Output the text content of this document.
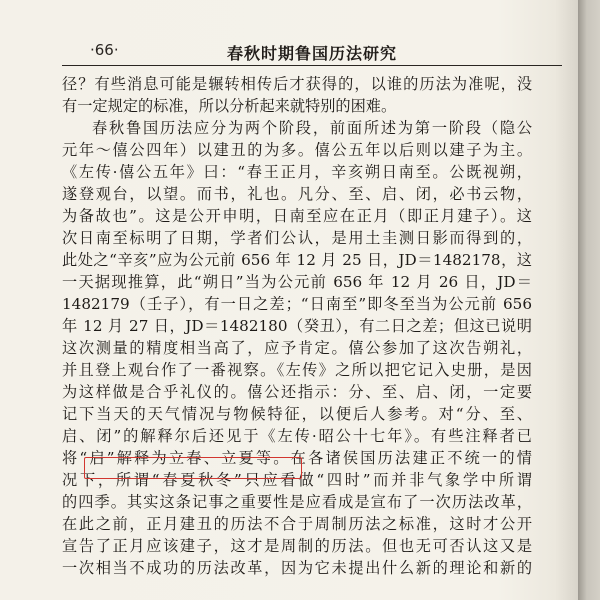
·66·	春秋时期鲁国历法研究
径？有些消息可能是辗转相传后才获得的，以谁的历法为准呢，没
有一定规定的标准，所以分析起来就特别的困难。
春秋鲁国历法应分为两个阶段，前面所述为第一阶段（隐公
元年～僖公四年）以建丑的为多。僖公五年以后则以建子为主。
《左传·僖公五年》曰：“春王正月，辛亥朔日南至。公既视朔，
遂登观台，以望。而书，礼也。凡分、至、启、闭，必书云物，
为备故也”。这是公开申明，日南至应在正月（即正月建子）。这
次日南至标明了日期，学者们公认，是用土圭测日影而得到的，
此处之“辛亥”应为公元前 656 年 12 月 25 日，JD＝1482178，这
一天据现推算，此“朔日”当为公元前 656 年 12 月 26 日，JD＝
1482179（壬子），有一日之差；“日南至”即冬至当为公元前 656
年 12 月 27 日，JD＝1482180（癸丑），有二日之差；但这已说明
这次测量的精度相当高了，应予肯定。僖公参加了这次告朔礼，
并且登上观台作了一番视察。《左传》之所以把它记入史册，是因
为这样做是合乎礼仪的。僖公还指示：分、至、启、闭，一定要
记下当天的天气情况与物候特征，以便后人参考。对“分、至、
启、闭”的解释尔后还见于《左传·昭公十七年》。有些注释者已
将“启”解释为立春、立夏等。在各诸侯国历法建正不统一的情
况下，所谓“春夏秋冬”只应看做“四时”而并非气象学中所谓
的四季。其实这条记事之重要性是应看成是宣布了一次历法改革，
在此之前，正月建丑的历法不合于周制历法之标准，这时才公开
宣告了正月应该建子，这才是周制的历法。但也无可否认这又是
一次相当不成功的历法改革，因为它未提出什么新的理论和新的
